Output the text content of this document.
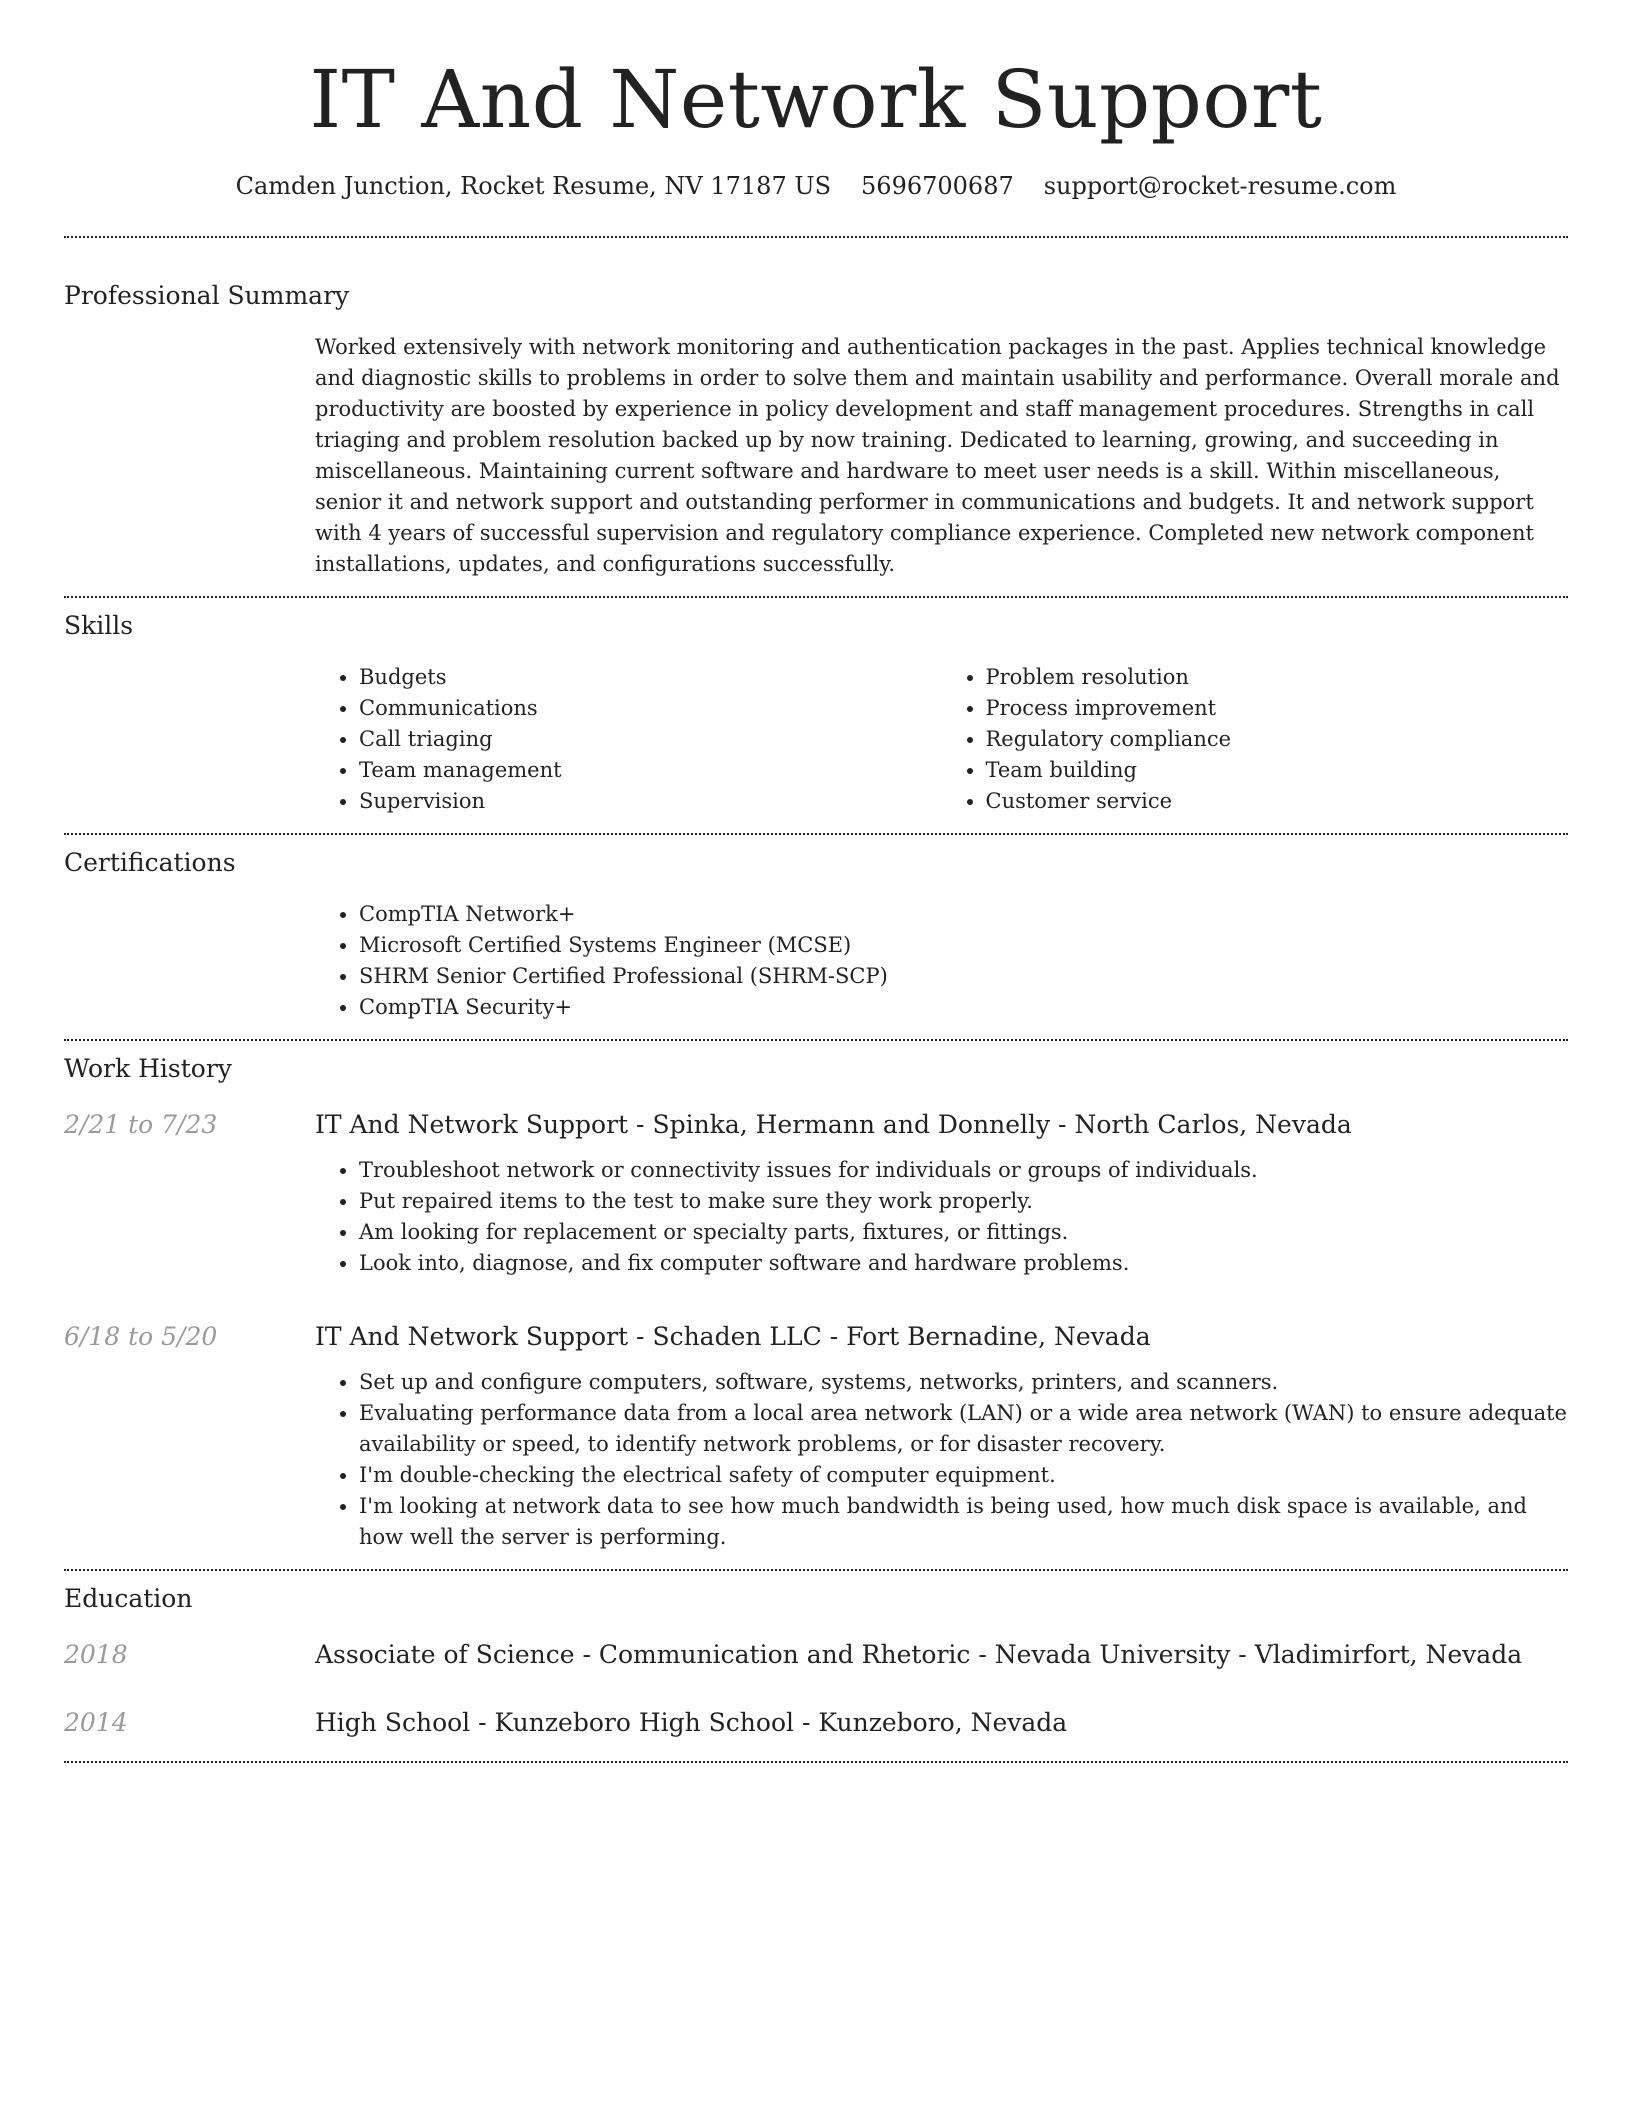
IT And Network Support
Camden Junction, Rocket Resume, NV 17187 US 5696700687 support@rocket-resume.com
Professional Summary

Worked extensively with network monitoring and authentication packages in the past. Applies technical knowledge and diagnostic skills to problems in order to solve them and maintain usability and performance. Overall morale and productivity are boosted by experience in policy development and staff management procedures. Strengths in call triaging and problem resolution backed up by now training. Dedicated to learning, growing, and succeeding in miscellaneous. Maintaining current software and hardware to meet user needs is a skill. Within miscellaneous, senior it and network support and outstanding performer in communications and budgets. It and network support with 4 years of successful supervision and regulatory compliance experience. Completed new network component installations, updates, and configurations successfully.

Skills
• Budgets
• Communications
• Call triaging
• Team management
• Supervision
• Problem resolution
• Process improvement
• Regulatory compliance
• Team building
• Customer service
Certifications
• CompTIA Network+
• Microsoft Certified Systems Engineer (MCSE)
• SHRM Senior Certified Professional (SHRM-SCP)
• CompTIA Security+
Work History
2/21 to 7/23	IT And Network Support - Spinka, Hermann and Donnelly - North Carlos, Nevada
• Troubleshoot network or connectivity issues for individuals or groups of individuals.
• Put repaired items to the test to make sure they work properly.
• Am looking for replacement or specialty parts, fixtures, or fittings.
• Look into, diagnose, and fix computer software and hardware problems.
6/18 to 5/20	IT And Network Support - Schaden LLC - Fort Bernadine, Nevada
• Set up and configure computers, software, systems, networks, printers, and scanners.
• Evaluating performance data from a local area network (LAN) or a wide area network (WAN) to ensure adequate availability or speed, to identify network problems, or for disaster recovery.
• I'm double-checking the electrical safety of computer equipment.
• I'm looking at network data to see how much bandwidth is being used, how much disk space is available, and how well the server is performing.
Education
2018	Associate of Science - Communication and Rhetoric - Nevada University - Vladimirfort, Nevada
2014	High School - Kunzeboro High School - Kunzeboro, Nevada
